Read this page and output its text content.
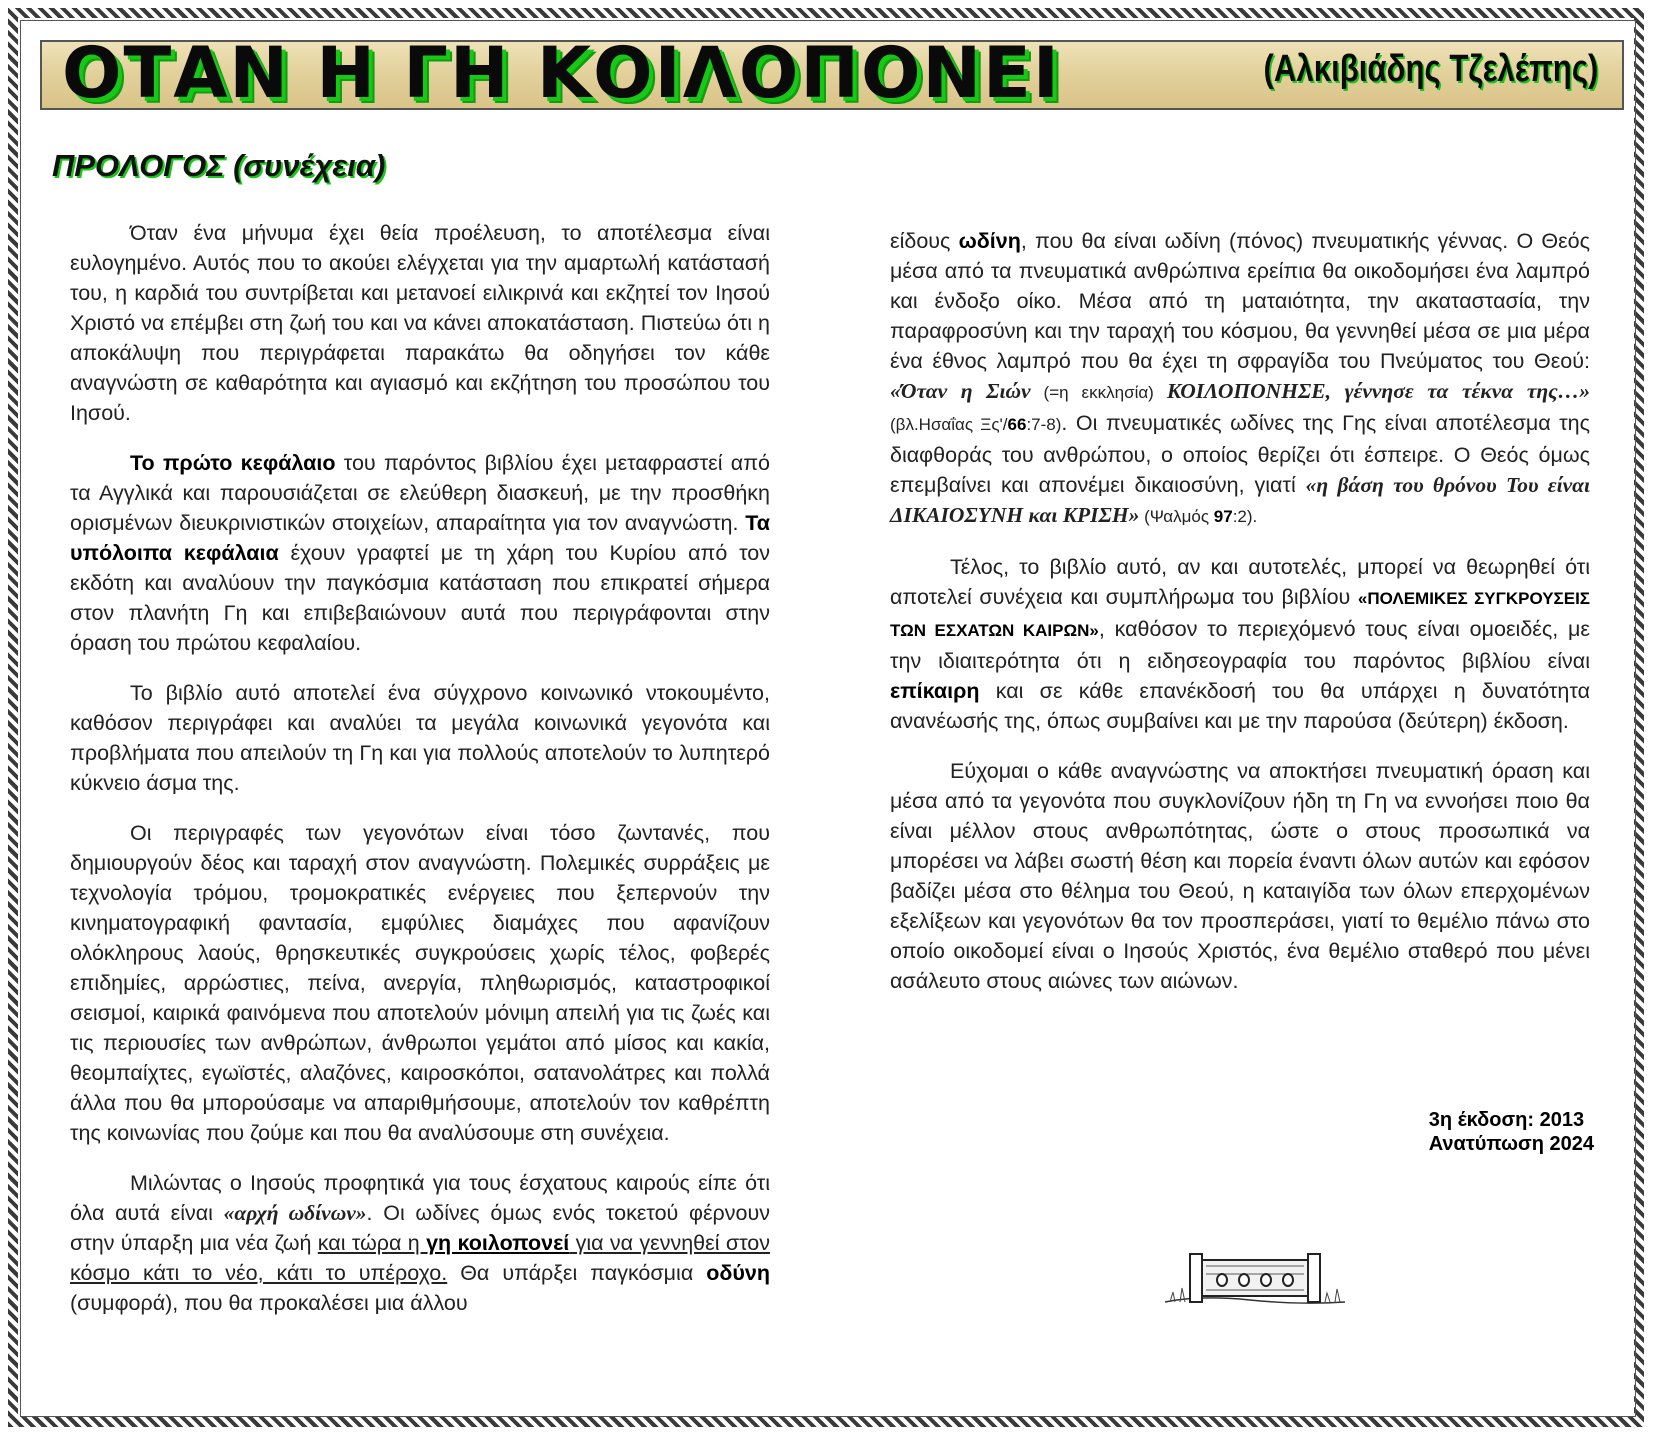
ΟΤΑΝ Η ΓΗ ΚΟΙΛΟΠΟΝΕΙ	(Αλκιβιάδης Τζελέπης)
ΠΡΟΛΟΓΟΣ (συνέχεια)

Όταν ένα μήνυμα έχει θεία προέλευση, το αποτέλεσμα είναι ευλογημένο. Αυτός που το ακούει ελέγχεται για την αμαρτωλή κατάστασή του, η καρδιά του συντρίβεται και μετανοεί ειλικρινά και εκζητεί τον Ιησού Χριστό να επέμβει στη ζωή του και να κάνει αποκατάσταση. Πιστεύω ότι η αποκάλυψη που περιγράφεται παρακάτω θα οδηγήσει τον κάθε αναγνώστη σε καθαρότητα και αγιασμό και εκζήτηση του προσώπου του Ιησού.

Το πρώτο κεφάλαιο του παρόντος βιβλίου έχει μεταφραστεί από τα Αγγλικά και παρουσιάζεται σε ελεύθερη διασκευή, με την προσθήκη ορισμένων διευκρινιστικών στοιχείων, απαραίτητα για τον αναγνώστη. Τα υπόλοιπα κεφάλαια έχουν γραφτεί με τη χάρη του Κυρίου από τον εκδότη και αναλύουν την παγκόσμια κατάσταση που επικρατεί σήμερα στον πλανήτη Γη και επιβεβαιώνουν αυτά που περιγράφονται στην όραση του πρώτου κεφαλαίου.

Το βιβλίο αυτό αποτελεί ένα σύγχρονο κοινωνικό ντοκουμέντο, καθόσον περιγράφει και αναλύει τα μεγάλα κοινωνικά γεγονότα και προβλήματα που απειλούν τη Γη και για πολλούς αποτελούν το λυπητερό κύκνειο άσμα της.

Οι περιγραφές των γεγονότων είναι τόσο ζωντανές, που δημιουργούν δέος και ταραχή στον αναγνώστη. Πολεμικές συρράξεις με τεχνολογία τρόμου, τρομοκρατικές ενέργειες που ξεπερνούν την κινηματογραφική φαντασία, εμφύλιες διαμάχες που αφανίζουν ολόκληρους λαούς, θρησκευτικές συγκρούσεις χωρίς τέλος, φοβερές επιδημίες, αρρώστιες, πείνα, ανεργία, πληθωρισμός, καταστροφικοί σεισμοί, καιρικά φαινόμενα που αποτελούν μόνιμη απειλή για τις ζωές και τις περιουσίες των ανθρώπων, άνθρωποι γεμάτοι από μίσος και κακία, θεομπαίχτες, εγωϊστές, αλαζόνες, καιροσκόποι, σατανολάτρες και πολλά άλλα που θα μπορούσαμε να απαριθμήσουμε, αποτελούν τον καθρέπτη της κοινωνίας που ζούμε και που θα αναλύσουμε στη συνέχεια.

Μιλώντας ο Ιησούς προφητικά για τους έσχατους καιρούς είπε ότι όλα αυτά είναι «αρχή ωδίνων». Οι ωδίνες όμως ενός τοκετού φέρνουν στην ύπαρξη μια νέα ζωή και τώρα η γη κοιλοπονεί για να γεννηθεί στον κόσμο κάτι το νέο, κάτι το υπέροχο. Θα υπάρξει παγκόσμια οδύνη (συμφορά), που θα προκαλέσει μια άλλου

είδους ωδίνη, που θα είναι ωδίνη (πόνος) πνευματικής γέννας. Ο Θεός μέσα από τα πνευματικά ανθρώπινα ερείπια θα οικοδομήσει ένα λαμπρό και ένδοξο οίκο. Μέσα από τη ματαιότητα, την ακαταστασία, την παραφροσύνη και την ταραχή του κόσμου, θα γεννηθεί μέσα σε μια μέρα ένα έθνος λαμπρό που θα έχει τη σφραγίδα του Πνεύματος του Θεού: «Όταν η Σιών (=η εκκλησία) ΚΟΙΛΟΠΟΝΗΣΕ, γέννησε τα τέκνα της…» (βλ.Ησαΐας Ξς'/66:7-8). Οι πνευματικές ωδίνες της Γης είναι αποτέλεσμα της διαφθοράς του ανθρώπου, ο οποίος θερίζει ότι έσπειρε. Ο Θεός όμως επεμβαίνει και απονέμει δικαιοσύνη, γιατί «η βάση του θρόνου Του είναι ΔΙΚΑΙΟΣΥΝΗ και ΚΡΙΣΗ» (Ψαλμός 97:2).

Τέλος, το βιβλίο αυτό, αν και αυτοτελές, μπορεί να θεωρηθεί ότι αποτελεί συνέχεια και συμπλήρωμα του βιβλίου «ΠΟΛΕΜΙΚΕΣ ΣΥΓΚΡΟΥΣΕΙΣ ΤΩΝ ΕΣΧΑΤΩΝ ΚΑΙΡΩΝ», καθόσον το περιεχόμενό τους είναι ομοειδές, με την ιδιαιτερότητα ότι η ειδησεογραφία του παρόντος βιβλίου είναι επίκαιρη και σε κάθε επανέκδοσή του θα υπάρχει η δυνατότητα ανανέωσής της, όπως συμβαίνει και με την παρούσα (δεύτερη) έκδοση.

Εύχομαι ο κάθε αναγνώστης να αποκτήσει πνευματική όραση και μέσα από τα γεγονότα που συγκλονίζουν ήδη τη Γη να εννοήσει ποιο θα είναι μέλλον στους ανθρωπότητας, ώστε ο στους προσωπικά να μπορέσει να λάβει σωστή θέση και πορεία έναντι όλων αυτών και εφόσον βαδίζει μέσα στο θέλημα του Θεού, η καταιγίδα των όλων επερχομένων εξελίξεων και γεγονότων θα τον προσπεράσει, γιατί το θεμέλιο πάνω στο οποίο οικοδομεί είναι ο Ιησούς Χριστός, ένα θεμέλιο σταθερό που μένει ασάλευτο στους αιώνες των αιώνων.

3η έκδοση: 2013
Ανατύπωση 2024
